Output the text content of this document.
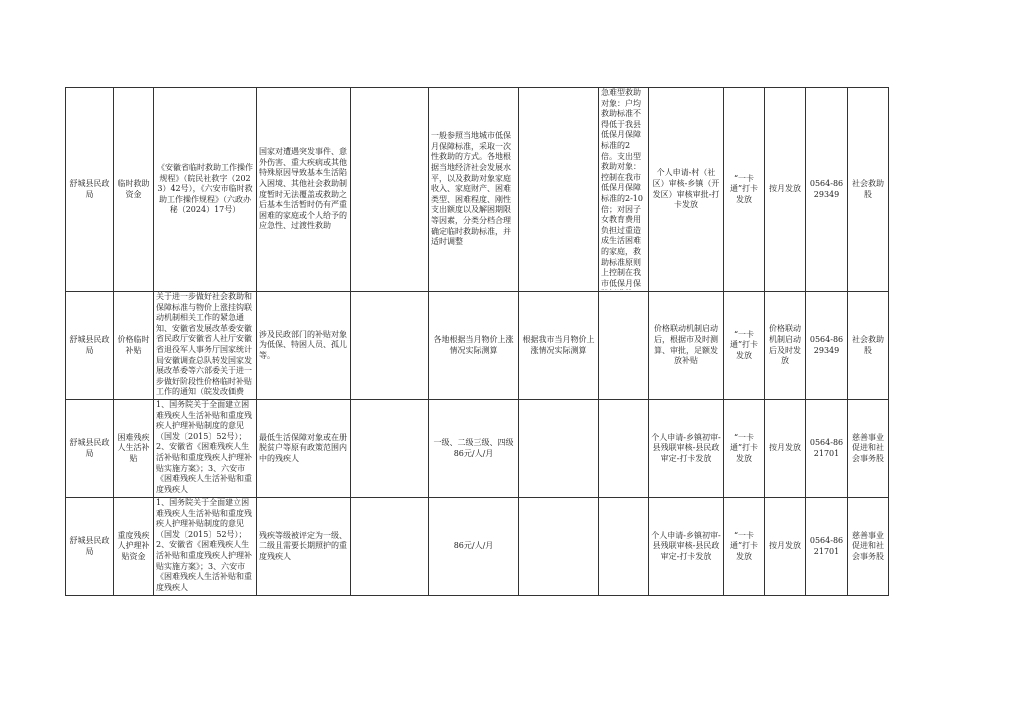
舒城县民政局	临时救助资金	《安徽省临时救助工作操作规程》（皖民社救字（2023）42号），《六安市临时救助工作操作规程》（六政办秘（2024）17号）	国家对遭遇突发事件、意外伤害、重大疾病或其他特殊原因导致基本生活陷入困境、其他社会救助制度暂时无法覆盖或救助之后基本生活暂时仍有严重困难的家庭或个人给予的应急性、过渡性救助		一般参照当地城市低保月保障标准，采取一次性救助的方式。各地根据当地经济社会发展水平，以及救助对象家庭收入、家庭财产、困难类型、困难程度、刚性支出额度以及解困期限等因素，分类分档合理确定临时救助标准，并适时调整		急难型救助对象：户均救助标准不得低于我县低保月保障标准的2倍。支出型救助对象：控制在我市低保月保障标准的2-10倍；对因子女教育费用负担过重造成生活困难的家庭，救助标准原则上控制在我市低保月保	个人申请-村（社区）审核-乡镇（开发区）审核审批-打卡发放	“一卡通”打卡发放	按月发放	0564-8629349	社会救助股
舒城县民政局	价格临时补贴	关于进一步做好社会救助和保障标准与物价上涨挂钩联动机制相关工作的紧急通知、安徽省发展改革委安徽省民政厅安徽省人社厅安徽省退役军人事务厅国家统计局安徽调查总队转发国家发展改革委等六部委关于进一步做好阶段性价格临时补贴工作的通知（皖发改価费	涉及民政部门的补贴对象为低保、特困人员、孤儿等。		各地根据当月物价上涨情况实际测算	根据我市当月物价上涨情况实际测算		价格联动机制启动后，根据市及时测算、审批，足额发放补贴	“一卡通”打卡发放	价格联动机制启动后及时发放	0564-8629349	社会救助股
舒城县民政局	困难残疾人生活补贴	1、国务院关于全面建立困难残疾人生活补贴和重度残疾人护理补贴制度的意见（国发〔2015〕52号）；2、安徽省《困难残疾人生活补贴和重度残疾人护理补贴实施方案》；3、六安市《困难残疾人生活补贴和重度残疾人	最低生活保障对象或在册脱贫户等原有政策范围内中的残疾人		一级、二级三级、四级86元/人/月			个人申请-乡镇初审-县残联审核-县民政审定-打卡发放	“一卡通”打卡发放	按月发放	0564-8621701	慈善事业促进和社会事务股
舒城县民政局	重度残疾人护理补贴资金	1、国务院关于全面建立困难残疾人生活补贴和重度残疾人护理补贴制度的意见（国发〔2015〕52号）；2、安徽省《困难残疾人生活补贴和重度残疾人护理补贴实施方案》；3、六安市《困难残疾人生活补贴和重度残疾人	残疾等级被评定为一级、二级且需要长期照护的重度残疾人		86元/人/月			个人申请-乡镇初审-县残联审核-县民政审定-打卡发放	“一卡通”打卡发放	按月发放	0564-8621701	慈善事业促进和社会事务股
